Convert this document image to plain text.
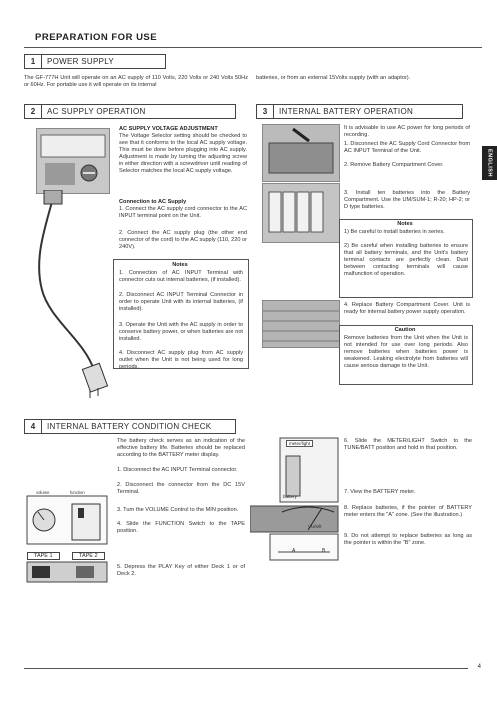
PREPARATION FOR USE
ENGLISH
1	POWER SUPPLY
The GF-777H Unit will operate on an AC supply of 110 Volts, 220 Volts or 240 Volts 50Hz or 60Hz. For portable use it will operate on its internal
batteries, or from an external 15Volts supply (with an adaptor).
2	AC SUPPLY OPERATION
AC SUPPLY VOLTAGE ADJUSTMENT
The Voltage Selector setting should be checked to see that it conforms to the local AC supply voltage. This must be done before plugging into AC supply. Adjustment is made by turning the adjusting screw in either direction with a screwdriver until reading of Selector matches the local AC supply voltage.
Connection to AC Supply
1. Connect the AC supply cord connector to the AC INPUT terminal point on the Unit.
2. Connect the AC supply plug (the other end connector of the cord) to the AC supply (110, 220 or 240V).
Notes
1. Connection of AC INPUT Terminal with connector cuts out internal batteries, (if installed).
2. Disconnect AC INPUT Terminal Connector in order to operate Unit with its internal batteries, (if installed).
3. Operate the Unit with the AC supply in order to conserve battery power, or when batteries are not installed.
4. Disconnect AC supply plug from AC supply outlet when the Unit is not being used for long periods.
3	INTERNAL BATTERY OPERATION
It is advisable to use AC power for long periods of recording.
1. Disconnect the AC Supply Cord Connector from AC INPUT Terminal of the Unit.
2. Remove Battery Compartment Cover.
3. Install ten batteries into the Battery Compartment. Use the UM/SUM-1; R-20; HP-2; or D type batteries.
Notes
1) Be careful to install batteries in series.
2) Be careful when installing batteries to ensure that all battery terminals, and the Unit's battery terminal contacts are perfectly clean. Dust between contacting terminals will cause malfunction of operation.
4. Replace Battery Compartment Cover. Unit is ready for internal battery power supply operation.
Caution
Remove batteries from the Unit when the Unit is not intended for use over long periods. Also remove batteries when batteries power is weakened. Leaking electrolyte from batteries will cause serious damage to the Unit.
4	INTERNAL BATTERY CONDITION CHECK
volume	function
TAPE 1	TAPE 2
The battery check serves as an indication of the effective battery life. Batteries should be replaced according to the BATTERY meter display.
1. Disconnect the AC INPUT Terminal connector.
2. Disconnect the connector from the DC 15V Terminal.
3. Turn the VOLUME Control to the MIN position.
4. Slide the FUNCTION Switch to the TAPE position.
5. Depress the PLAY Key of either Deck 1 or of Deck 2.
meter/light
battery
VU/left
A	B
6. Slide the METER/LIGHT Switch to the TUNE/BATT position and hold in that position.
7. View the BATTERY meter.
8. Replace batteries, if the pointer of BATTERY meter enters the "A" zone. (See the illustration.)
9. Do not attempt to replace batteries as long as the pointer is within the "B" zone.
4
